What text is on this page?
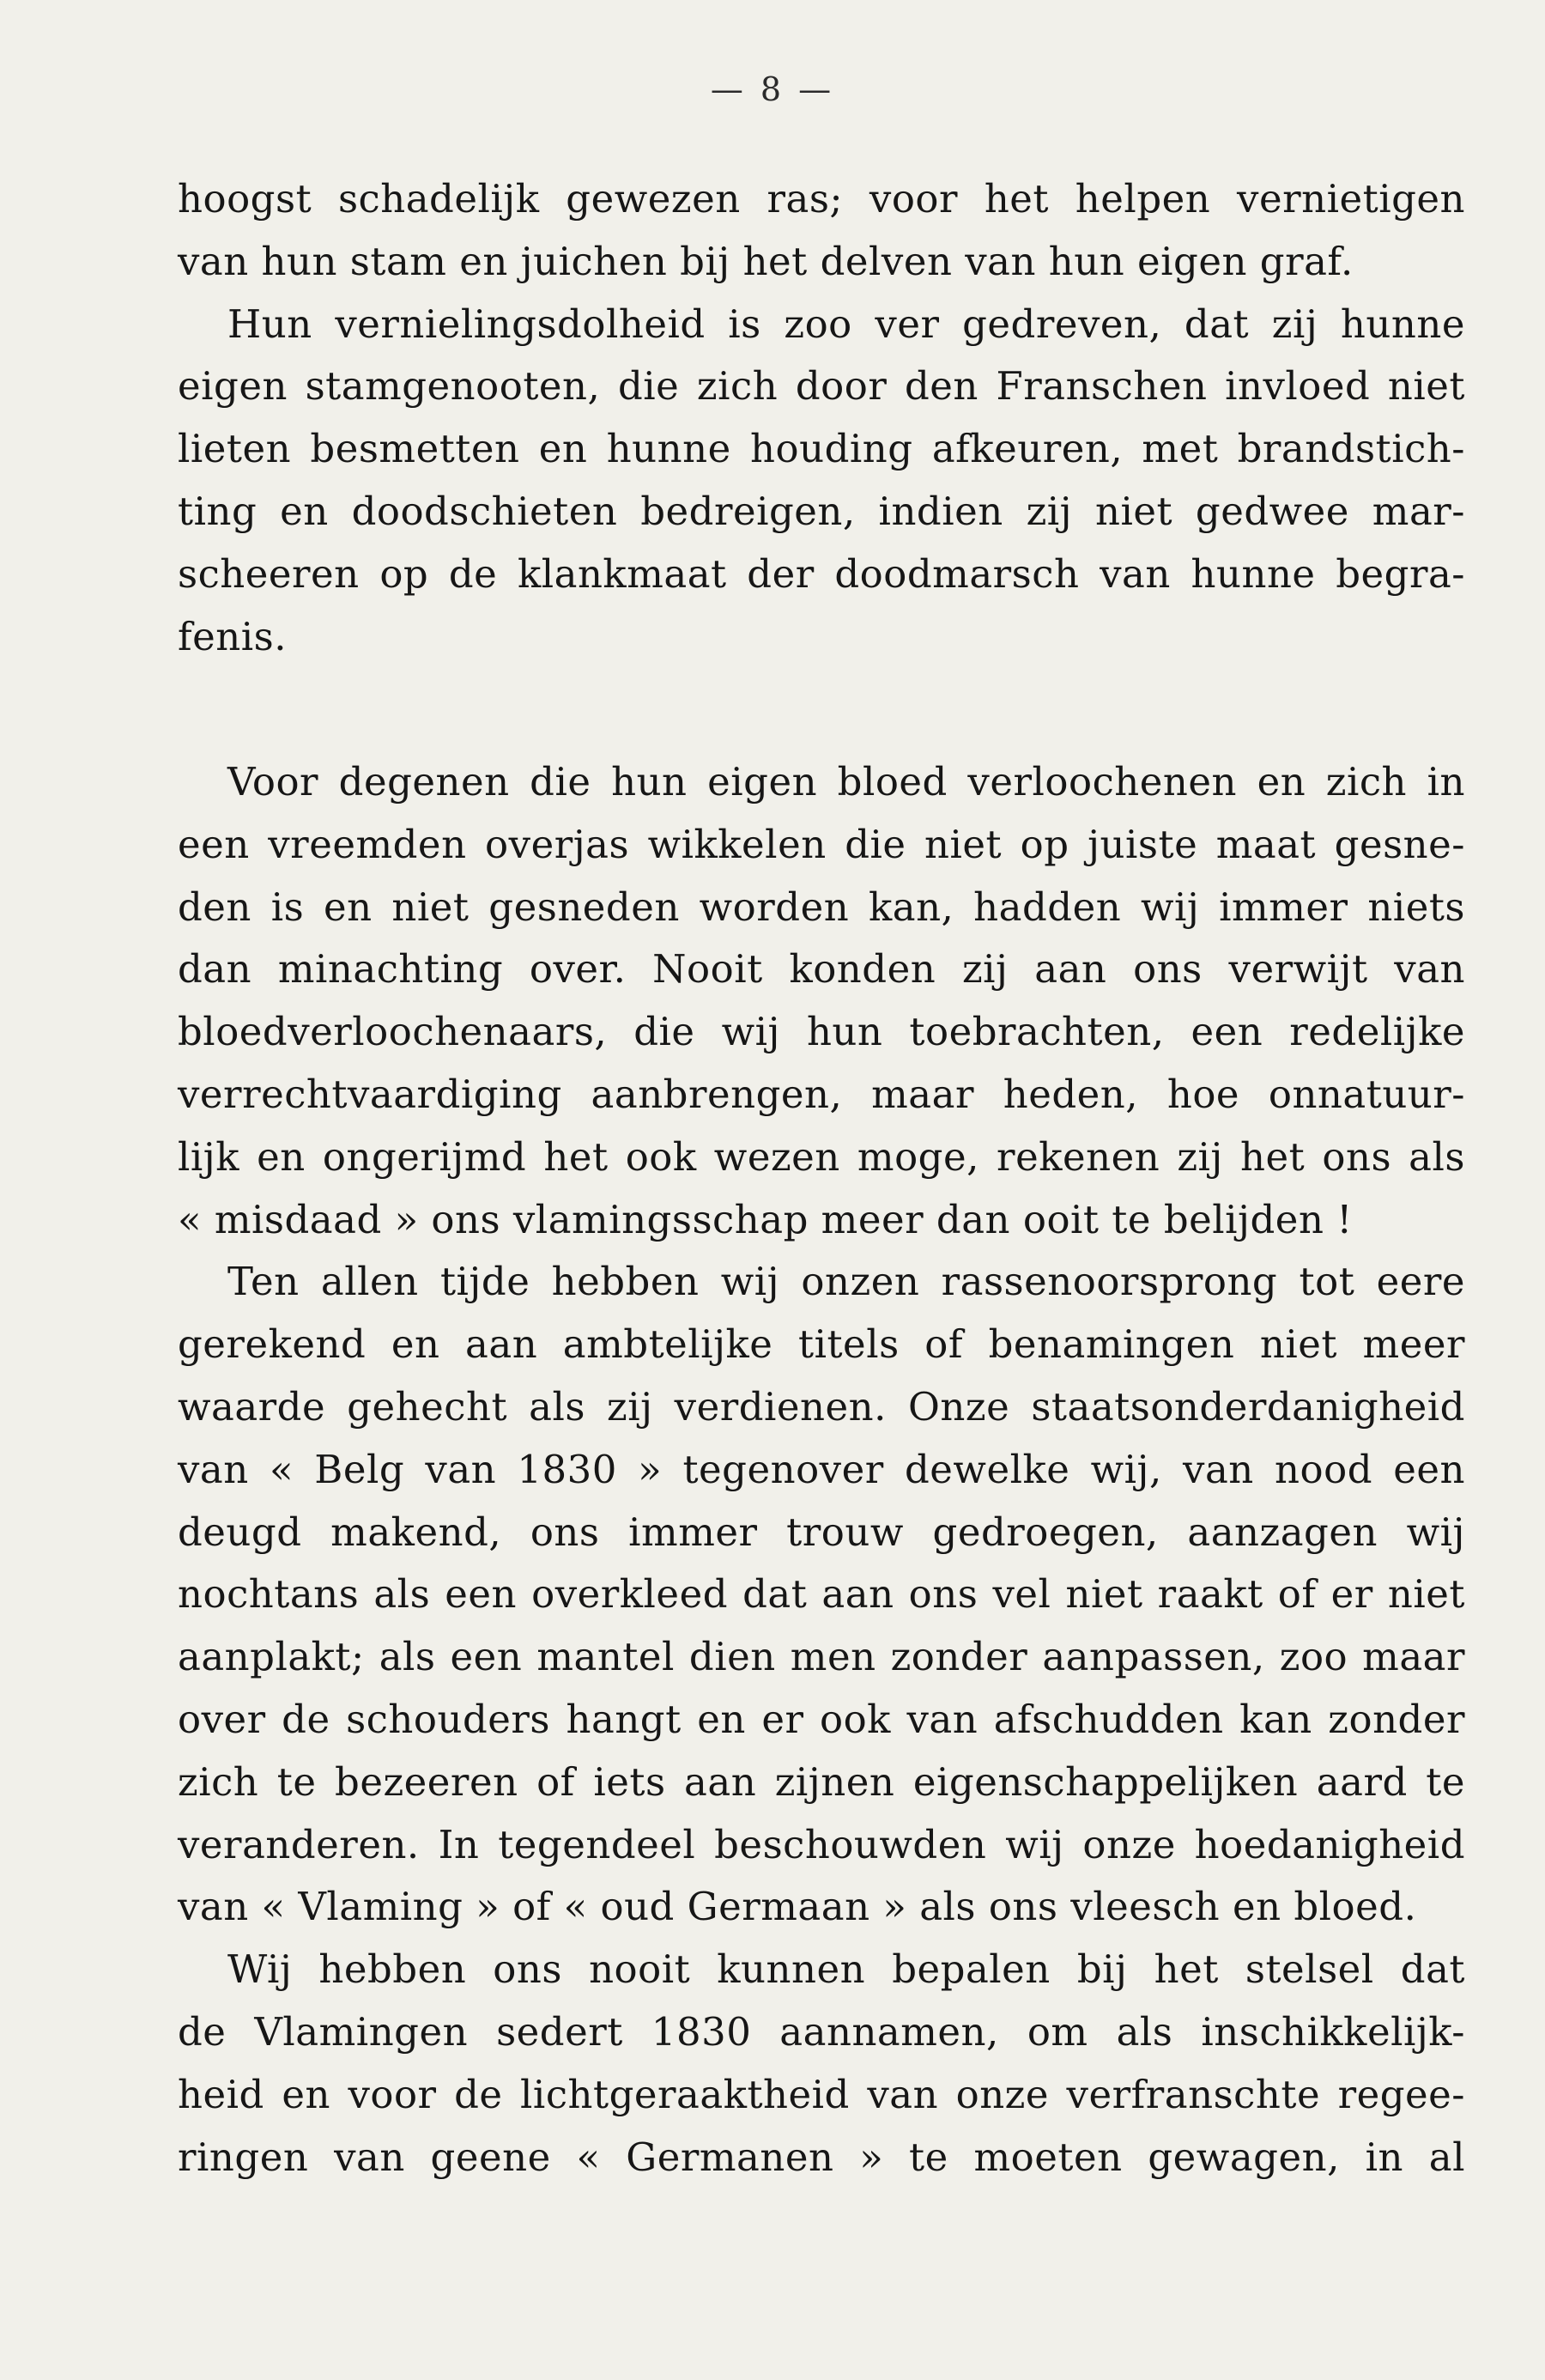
— 8 —
hoogst schadelijk gewezen ras; voor het helpen vernietigen
van hun stam en juichen bij het delven van hun eigen graf.
Hun vernielingsdolheid is zoo ver gedreven, dat zij hunne
eigen stamgenooten, die zich door den Franschen invloed niet
lieten besmetten en hunne houding afkeuren, met brandstich-
ting en doodschieten bedreigen, indien zij niet gedwee mar-
scheeren op de klankmaat der doodmarsch van hunne begra-
fenis.
Voor degenen die hun eigen bloed verloochenen en zich in
een vreemden overjas wikkelen die niet op juiste maat gesne-
den is en niet gesneden worden kan, hadden wij immer niets
dan minachting over. Nooit konden zij aan ons verwijt van
bloedverloochenaars, die wij hun toebrachten, een redelijke
verrechtvaardiging aanbrengen, maar heden, hoe onnatuur-
lijk en ongerijmd het ook wezen moge, rekenen zij het ons als
« misdaad » ons vlamingsschap meer dan ooit te belijden !
Ten allen tijde hebben wij onzen rassenoorsprong tot eere
gerekend en aan ambtelijke titels of benamingen niet meer
waarde gehecht als zij verdienen. Onze staatsonderdanigheid
van « Belg van 1830 » tegenover dewelke wij, van nood een
deugd makend, ons immer trouw gedroegen, aanzagen wij
nochtans als een overkleed dat aan ons vel niet raakt of er niet
aanplakt; als een mantel dien men zonder aanpassen, zoo maar
over de schouders hangt en er ook van afschudden kan zonder
zich te bezeeren of iets aan zijnen eigenschappelijken aard te
veranderen. In tegendeel beschouwden wij onze hoedanigheid
van « Vlaming » of « oud Germaan » als ons vleesch en bloed.
Wij hebben ons nooit kunnen bepalen bij het stelsel dat
de Vlamingen sedert 1830 aannamen, om als inschikkelijk-
heid en voor de lichtgeraaktheid van onze verfranschte regee-
ringen van geene « Germanen » te moeten gewagen, in al
